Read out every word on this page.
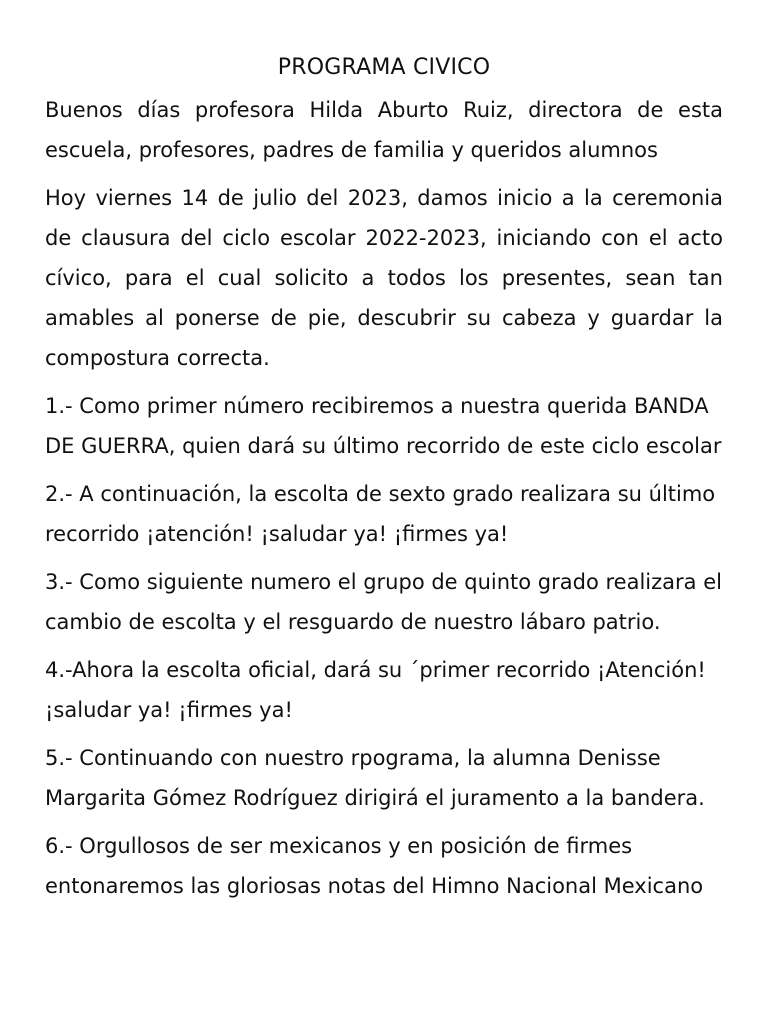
PROGRAMA CIVICO

Buenos días profesora Hilda Aburto Ruiz, directora de esta escuela, profesores, padres de familia y queridos alumnos

Hoy viernes 14 de julio del 2023, damos inicio a la ceremonia de clausura del ciclo escolar 2022-2023, iniciando con el acto cívico, para el cual solicito a todos los presentes, sean tan amables al ponerse de pie, descubrir su cabeza y guardar la compostura correcta.

1.- Como primer número recibiremos a nuestra querida BANDA DE GUERRA, quien dará su último recorrido de este ciclo escolar

2.- A continuación, la escolta de sexto grado realizara su último recorrido ¡atención! ¡saludar ya! ¡firmes ya!

3.- Como siguiente numero el grupo de quinto grado realizara el cambio de escolta y el resguardo de nuestro lábaro patrio.

4.-Ahora la escolta oficial, dará su ´primer recorrido ¡Atención! ¡saludar ya! ¡firmes ya!

5.- Continuando con nuestro rpograma, la alumna Denisse Margarita Gómez Rodríguez dirigirá el juramento a la bandera.

6.- Orgullosos de ser mexicanos y en posición de firmes entonaremos las gloriosas notas del Himno Nacional Mexicano
